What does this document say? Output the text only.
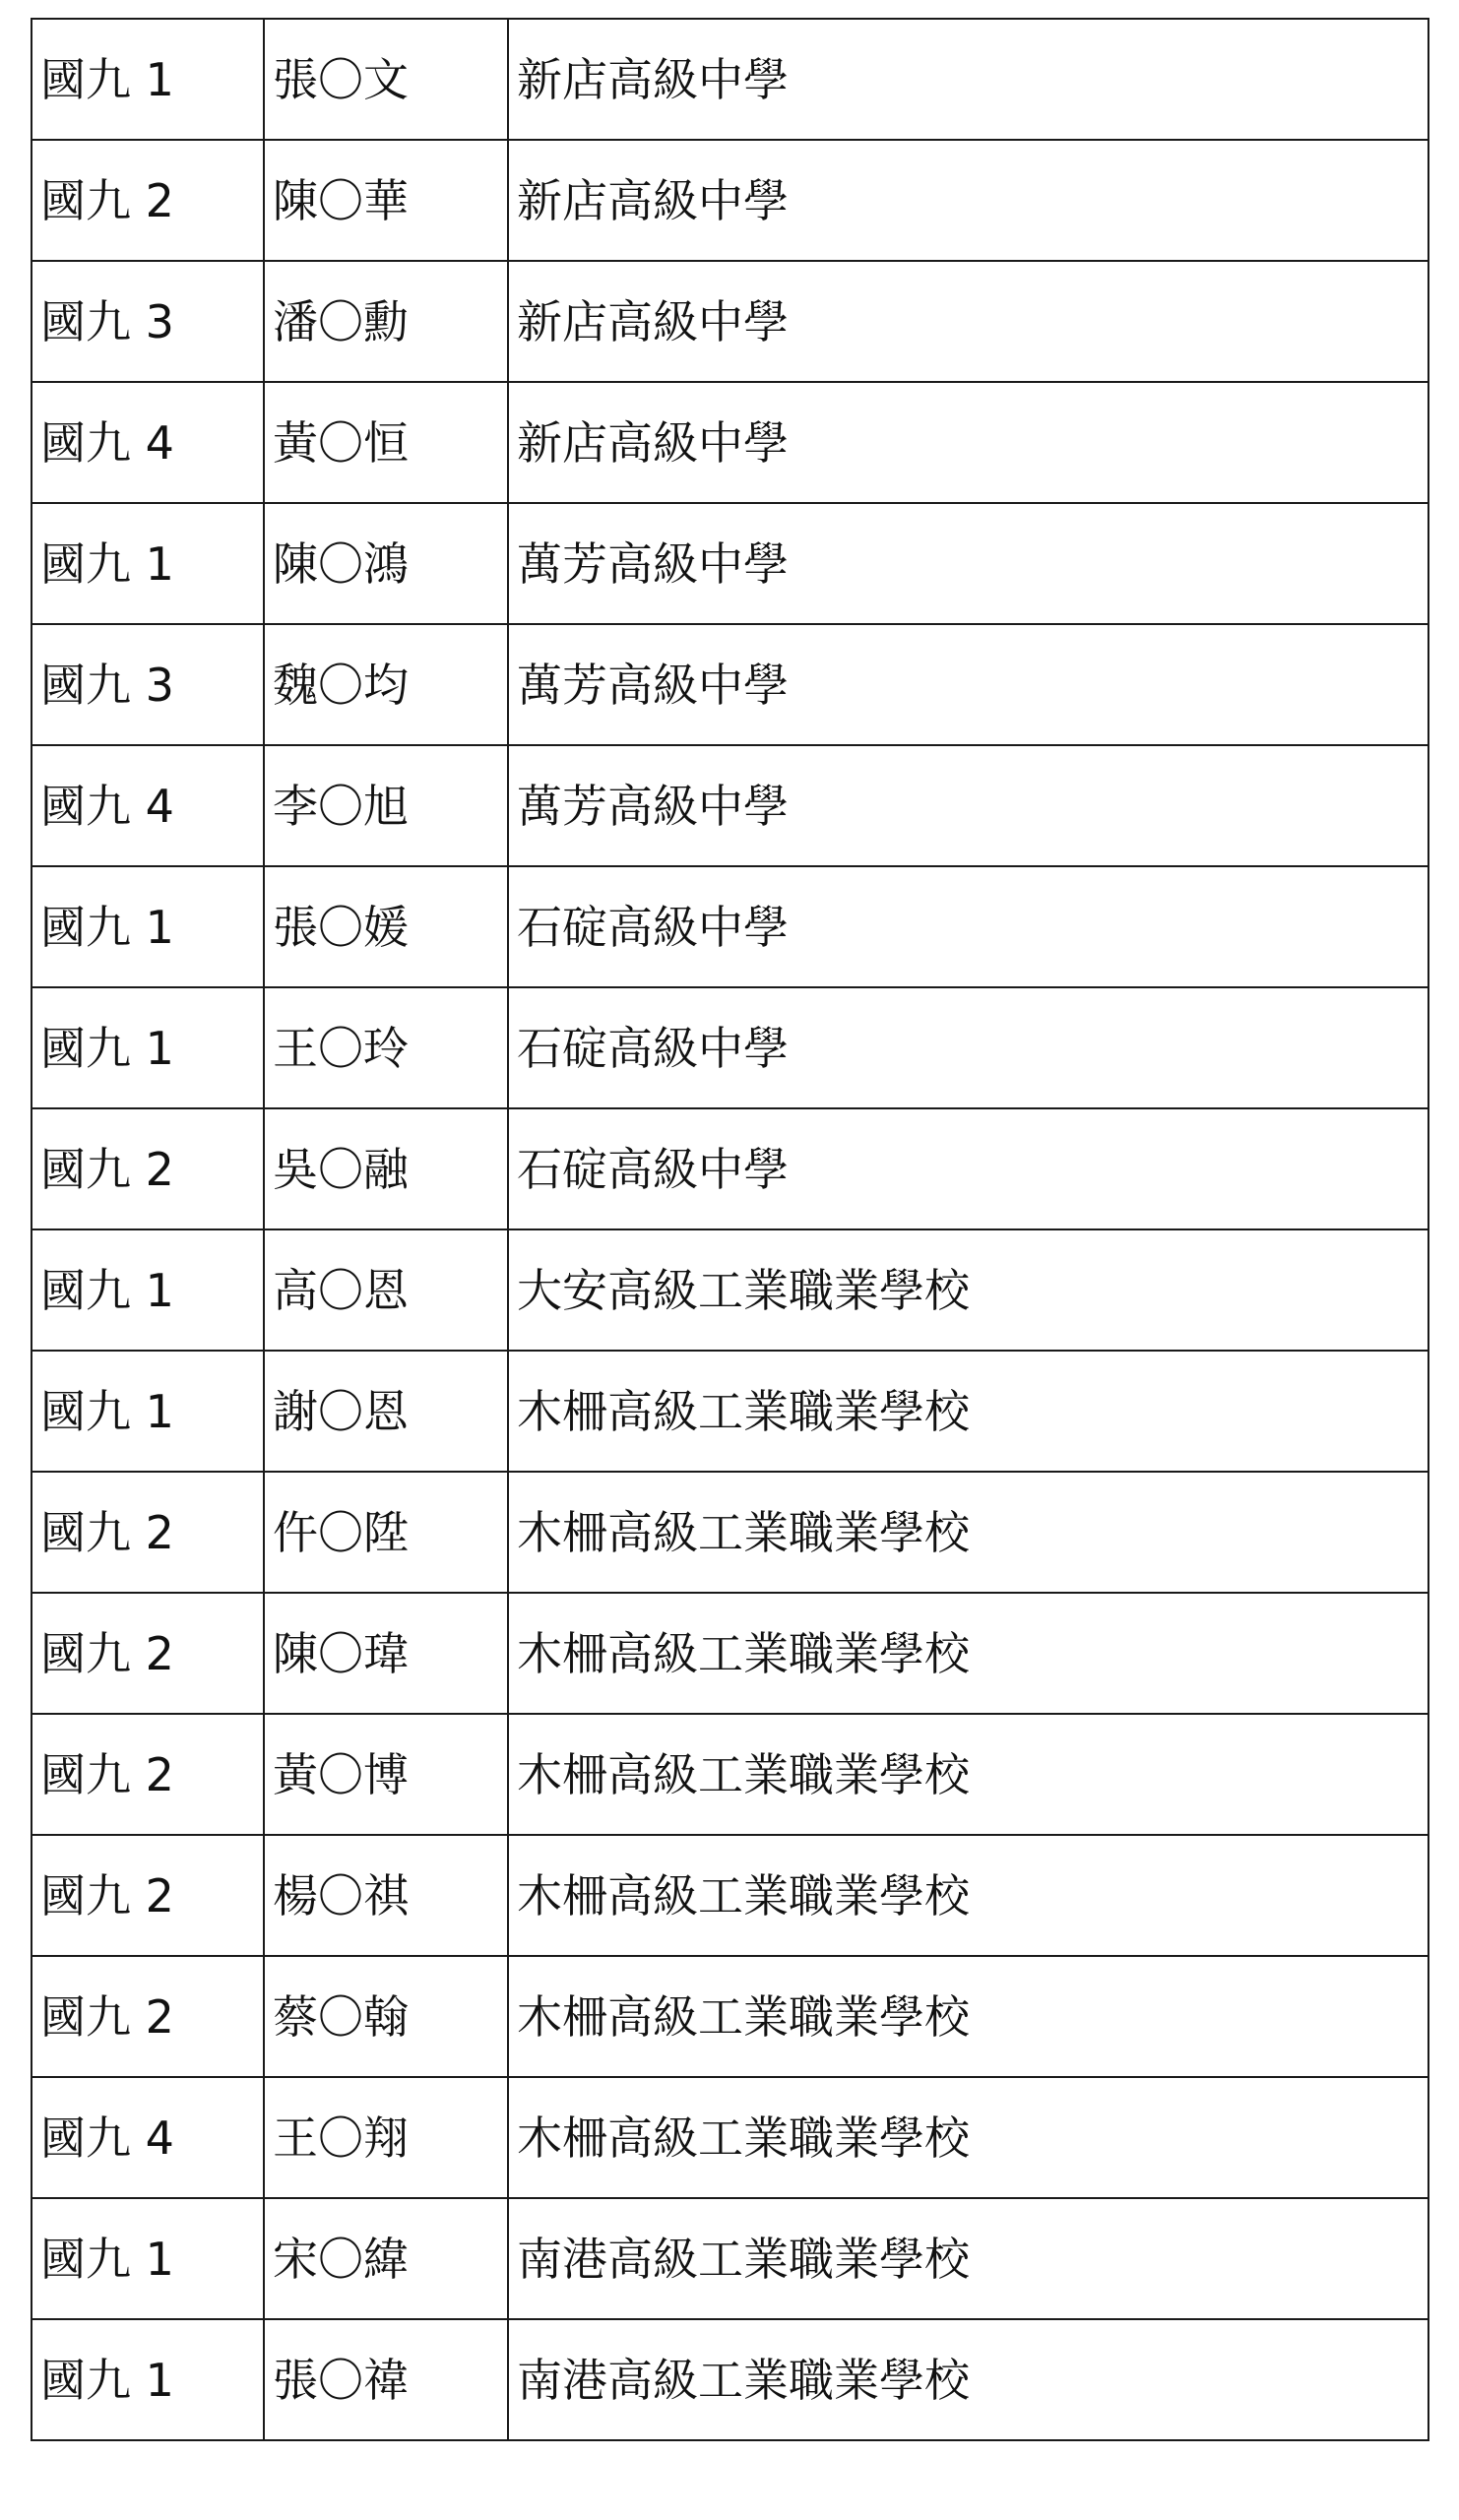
國九 1	張〇文	新店高級中學
國九 2	陳〇華	新店高級中學
國九 3	潘〇勳	新店高級中學
國九 4	黃〇恒	新店高級中學
國九 1	陳〇鴻	萬芳高級中學
國九 3	魏〇均	萬芳高級中學
國九 4	李〇旭	萬芳高級中學
國九 1	張〇媛	石碇高級中學
國九 1	王〇玲	石碇高級中學
國九 2	吳〇融	石碇高級中學
國九 1	高〇恩	大安高級工業職業學校
國九 1	謝〇恩	木柵高級工業職業學校
國九 2	仵〇陞	木柵高級工業職業學校
國九 2	陳〇瑋	木柵高級工業職業學校
國九 2	黃〇博	木柵高級工業職業學校
國九 2	楊〇祺	木柵高級工業職業學校
國九 2	蔡〇翰	木柵高級工業職業學校
國九 4	王〇翔	木柵高級工業職業學校
國九 1	宋〇緯	南港高級工業職業學校
國九 1	張〇禕	南港高級工業職業學校
